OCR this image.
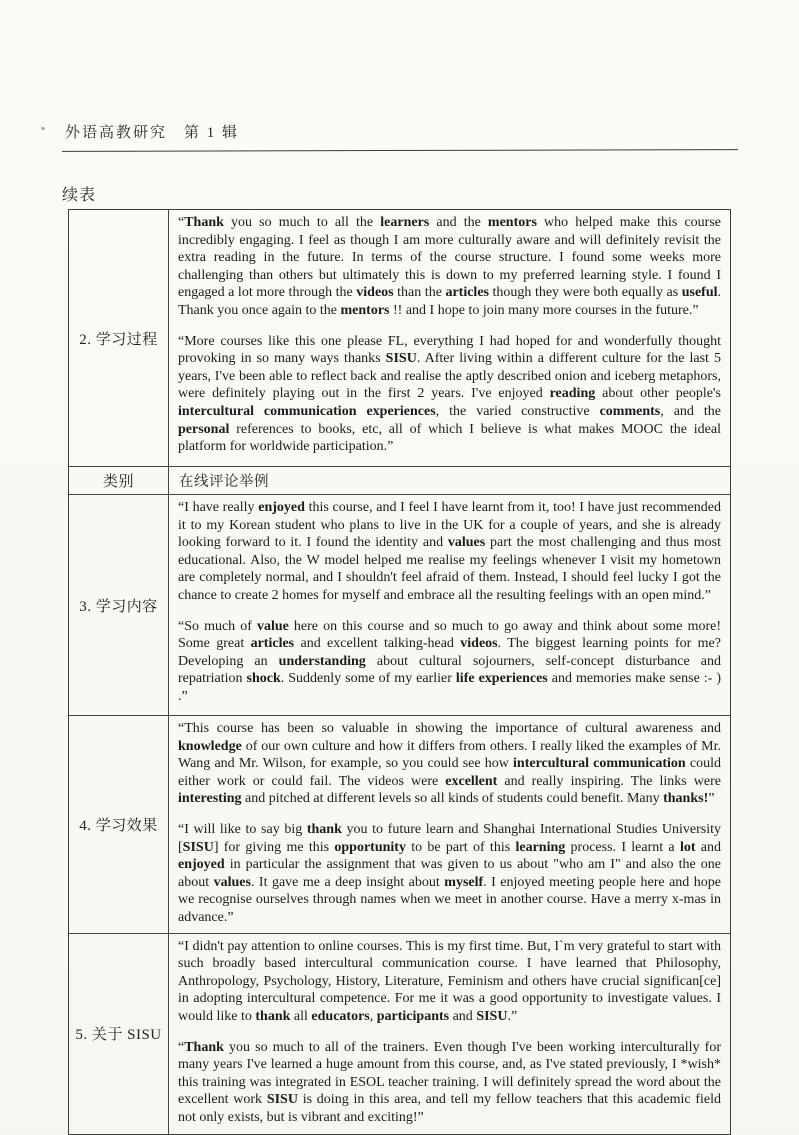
外语高教研究　第 1 辑
续表
2. 学习过程

“Thank you so much to all the learners and the mentors who helped make this course incredibly engaging. I feel as though I am more culturally aware and will definitely revisit the extra reading in the future. In terms of the course structure. I found some weeks more challenging than others but ultimately this is down to my preferred learning style. I found I engaged a lot more through the videos than the articles though they were both equally as useful. Thank you once again to the mentors !! and I hope to join many more courses in the future.”

“More courses like this one please FL, everything I had hoped for and wonderfully thought provoking in so many ways thanks SISU. After living within a different culture for the last 5 years, I've been able to reflect back and realise the aptly described onion and iceberg metaphors, were definitely playing out in the first 2 years. I've enjoyed reading about other people's intercultural communication experiences, the varied constructive comments, and the personal references to books, etc, all of which I believe is what makes MOOC the ideal platform for worldwide participation.”

类别	在线评论举例
3. 学习内容

“I have really enjoyed this course, and I feel I have learnt from it, too! I have just recommended it to my Korean student who plans to live in the UK for a couple of years, and she is already looking forward to it. I found the identity and values part the most challenging and thus most educational. Also, the W model helped me realise my feelings whenever I visit my hometown are completely normal, and I shouldn't feel afraid of them. Instead, I should feel lucky I got the chance to create 2 homes for myself and embrace all the resulting feelings with an open mind.”

“So much of value here on this course and so much to go away and think about some more! Some great articles and excellent talking-head videos. The biggest learning points for me? Developing an understanding about cultural sojourners, self-concept disturbance and repatriation shock. Suddenly some of my earlier life experiences and memories make sense :- ) .”

4. 学习效果

“This course has been so valuable in showing the importance of cultural awareness and knowledge of our own culture and how it differs from others. I really liked the examples of Mr. Wang and Mr. Wilson, for example, so you could see how intercultural communication could either work or could fail. The videos were excellent and really inspiring. The links were interesting and pitched at different levels so all kinds of students could benefit. Many thanks!”

“I will like to say big thank you to future learn and Shanghai International Studies University [SISU] for giving me this opportunity to be part of this learning process. I learnt a lot and enjoyed in particular the assignment that was given to us about "who am I" and also the one about values. It gave me a deep insight about myself. I enjoyed meeting people here and hope we recognise ourselves through names when we meet in another course. Have a merry x-mas in advance.”

5. 关于 SISU

“I didn't pay attention to online courses. This is my first time. But, I`m very grateful to start with such broadly based intercultural communication course. I have learned that Philosophy, Anthropology, Psychology, History, Literature, Feminism and others have crucial significan[ce] in adopting intercultural competence. For me it was a good opportunity to investigate values. I would like to thank all educators, participants and SISU.”

“Thank you so much to all of the trainers. Even though I've been working interculturally for many years I've learned a huge amount from this course, and, as I've stated previously, I *wish* this training was integrated in ESOL teacher training. I will definitely spread the word about the excellent work SISU is doing in this area, and tell my fellow teachers that this academic field not only exists, but is vibrant and exciting!”
